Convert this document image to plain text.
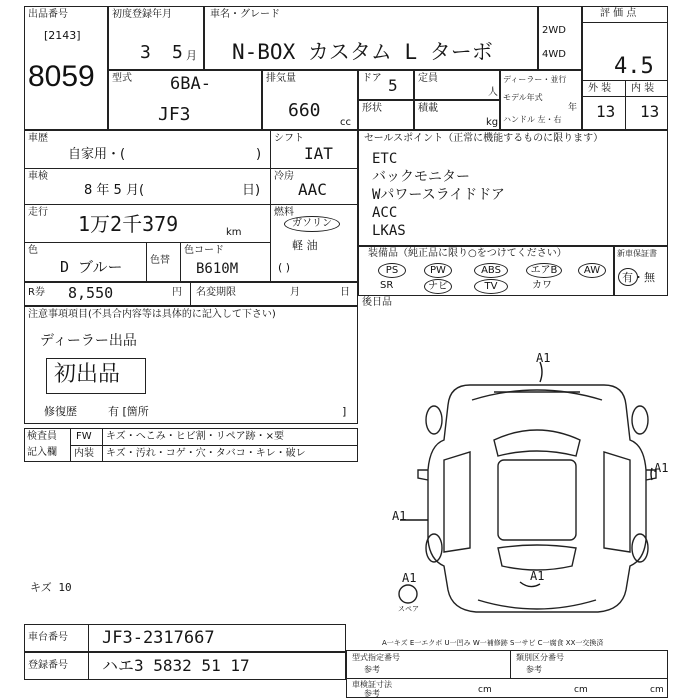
出品番号
[2143]
8059
初度登録年月
3 5 月
車名・グレード
N-BOX カスタム L ターボ
2WD
4WD
評 価 点
4.5
外 装 内 装
13 13
型式 6BA-
JF3
排気量
660
cc
ドア 5 定員
人
形状	積載
kg
ディーラー・並行
モデル年式
年
ハンドル 左・右
車歴
自家用・(	)
シフト
IAT
車検
8 年 5 月(	日)
冷房
AAC
走行 1万2千379	km
燃料
ガソリン
軽 油
( )
色
D ブルー	色替
色コード
B610M
R券 8,550	円 名変期限	月	日
セールスポイント（正常に機能するものに限ります）
ETC
バックモニター
Wパワースライドドア
ACC
LKAS
装備品（純正品に限り○をつけてください）
PS	PW	ABS	エアB	AW
SR	ナビ	TV	カワ
新車保証書
有・無
後日品
注意事項項目(不具合内容等は具体的に記入して下さい)
ディーラー出品
初出品
修復歴	有 [箇所	]
検査員
記入欄
FW キズ・へこみ・ヒビ割・リペア跡・×要
内装 キズ・汚れ・コゲ・穴・タバコ・キレ・破レ
A1
A1
A1
A1	A1
スペア
キズ 10
車台番号 JF3-2317667
登録番号 ハエ3 5832 51 17
A一キズ E一エクボ U一凹み W一補修跡 S一サビ C一腐食 XX一交換済
型式指定番号
参考
類別区分番号
参考
車検証寸法
参考	cm	cm	cm
